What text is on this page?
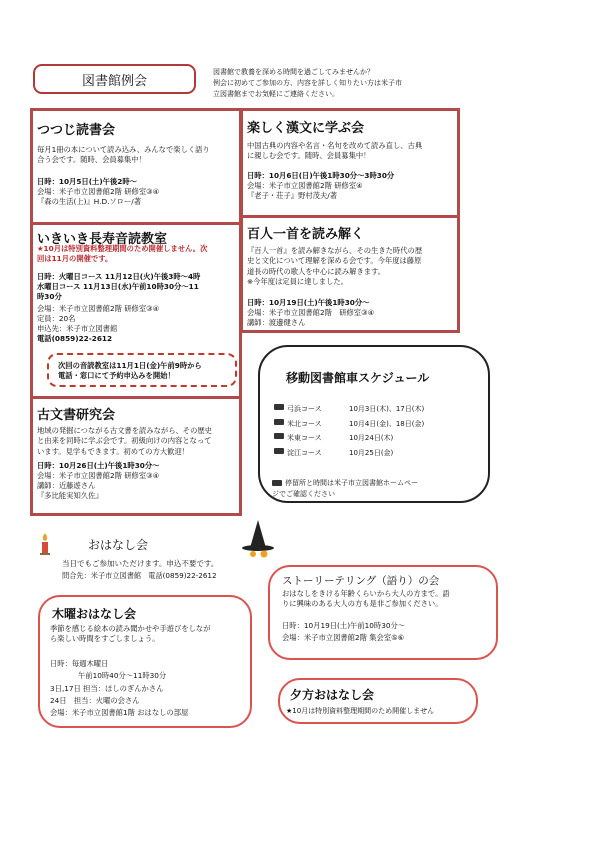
図書館例会
図書館で教養を深める時間を過ごしてみませんか？
例会に初めてご参加の方、内容を詳しく知りたい方は米子市
立図書館までお気軽にご連絡ください。
つつじ読書会
毎月1冊の本について読み込み、みんなで楽しく語り
合う会です。随時、会員募集中！
日時：10月5日(土)午後2時～
会場：米子市立図書館2階 研修室③④
『森の生活(上)』H.D.ソロー/著
楽しく漢文に学ぶ会
中国古典の内容や名言・名句を改めて読み直し、古典
に親しむ会です。随時、会員募集中！
日時：10月6日(日)午後1時30分～3時30分
会場：米子市立図書館2階 研修室④
『老子・荘子』野村茂夫/著
百人一首を読み解く
『百人一首』を読み解きながら、その生きた時代の歴
史と文化について理解を深める会です。今年度は藤原
道長の時代の歌人を中心に読み解きます。
※今年度は定員に達しました。
日時：10月19日(土)午後1時30分～
会場：米子市立図書館2階　研修室③④
講師：渡邊健さん
いきいき長寿音読教室
★10月は特別資料整理期間のため開催しません。次
回は11月の開催です。
日時：火曜日コース 11月12日(火)午後3時～4時
水曜日コース 11月13日(水)午前10時30分～11
時30分
会場：米子市立図書館2階 研修室③④
定員：20名
申込先：米子市立図書館
電話(0859)22-2612
次回の音読教室は11月1日(金)午前9時から
電話・窓口にて予約申込みを開始！
古文書研究会
地域の発掘につながる古文書を読みながら、その歴史
と由来を同時に学ぶ会です。初級向けの内容となって
います。見学もできます。初めての方大歓迎！
日時：10月26日(土)午後1時30分～
会場：米子市立図書館2階 研修室③④
講師：近藤遊さん
『多比能実知久佐』
移動図書館車スケジュール
弓浜コース	10月3日(木)、17日(木)
米北コース	10月4日(金)、18日(金)
米東コース	10月24日(木)
淀江コース	10月25日(金)

停留所と時間は米子市立図書館ホームペー
ジでご確認ください

おはなし会
当日でもご参加いただけます。申込不要です。
問合先：米子市立図書館　電話(0859)22-2612
木曜おはなし会
季節を感じる絵本の読み聞かせや手遊びをしなが
ら楽しい時間をすごしましょう。
日時：毎週木曜日
午前10時40分～11時30分
3日,17日 担当：ほしのぎんかさん
24日　担当：火曜の会さん
会場：米子市立図書館1階 おはなしの部屋
ストーリーテリング（語り）の会
おはなしをきける年齢くらいから大人の方まで。語
りに興味のある大人の方も是非ご参加ください。
日時：10月19日(土)午前10時30分～
会場：米子市立図書館2階 集会室⑤⑥
夕方おはなし会
★10月は特別資料整理期間のため開催しません
